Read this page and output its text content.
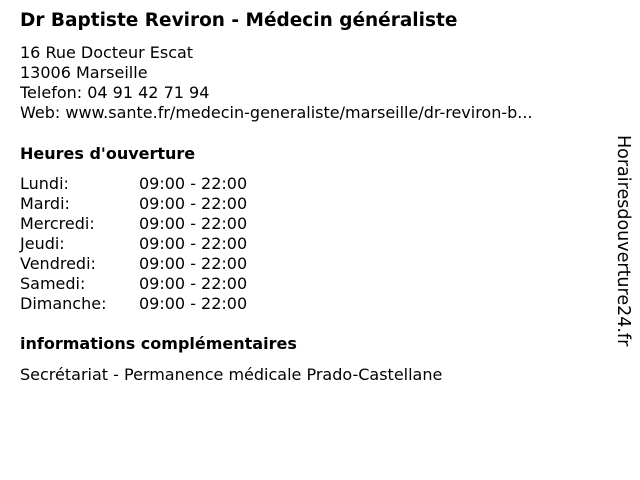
Dr Baptiste Reviron - Médecin généraliste
16 Rue Docteur Escat
13006 Marseille
Telefon: 04 91 42 71 94
Web: www.sante.fr/medecin-generaliste/marseille/dr-reviron-b...
Heures d'ouverture
Lundi:	09:00 - 22:00
Mardi:	09:00 - 22:00
Mercredi:	09:00 - 22:00
Jeudi:	09:00 - 22:00
Vendredi:	09:00 - 22:00
Samedi:	09:00 - 22:00
Dimanche: 09:00 - 22:00
informations complémentaires
Secrétariat - Permanence médicale Prado-Castellane
Horairesdouverture24.fr
